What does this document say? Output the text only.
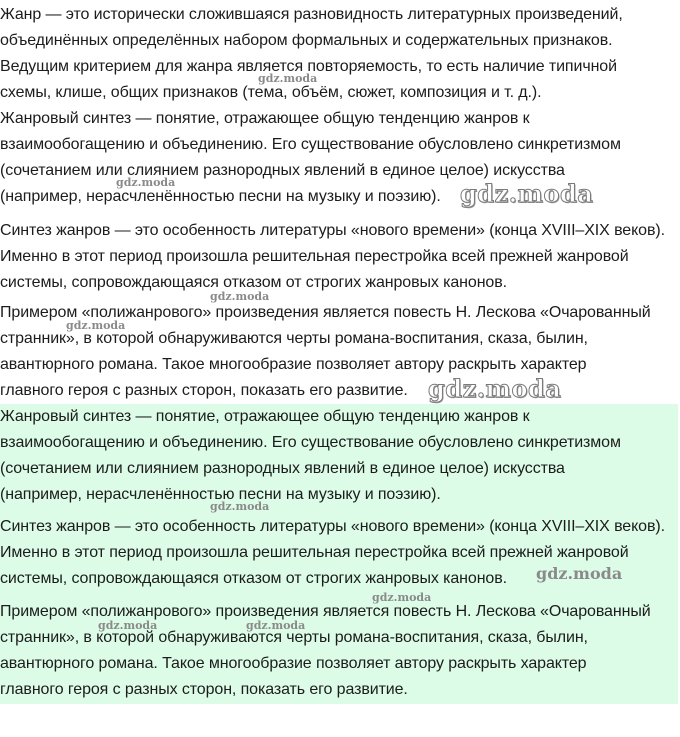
Жанр — это исторически сложившаяся разновидность литературных произведений,
объединённых определённых набором формальных и содержательных признаков.
Ведущим критерием для жанра является повторяемость, то есть наличие типичной
схемы, клише, общих признаков (тема, объём, сюжет, композиция и т. д.).
Жанровый синтез — понятие, отражающее общую тенденцию жанров к
взаимообогащению и объединению. Его существование обусловлено синкретизмом
(сочетанием или слиянием разнородных явлений в единое целое) искусства
(например, нерасчленённостью песни на музыку и поэзию).
Синтез жанров — это особенность литературы «нового времени» (конца XVIII–XIX веков).
Именно в этот период произошла решительная перестройка всей прежней жанровой
системы, сопровождающаяся отказом от строгих жанровых канонов.
Примером «полижанрового» произведения является повесть Н. Лескова «Очарованный
странник», в которой обнаруживаются черты романа-воспитания, сказа, былин,
авантюрного романа. Такое многообразие позволяет автору раскрыть характер
главного героя с разных сторон, показать его развитие.
Жанровый синтез — понятие, отражающее общую тенденцию жанров к
взаимообогащению и объединению. Его существование обусловлено синкретизмом
(сочетанием или слиянием разнородных явлений в единое целое) искусства
(например, нерасчленённостью песни на музыку и поэзию).
Синтез жанров — это особенность литературы «нового времени» (конца XVIII–XIX веков).
Именно в этот период произошла решительная перестройка всей прежней жанровой
системы, сопровождающаяся отказом от строгих жанровых канонов.
Примером «полижанрового» произведения является повесть Н. Лескова «Очарованный
странник», в которой обнаруживаются черты романа-воспитания, сказа, былин,
авантюрного романа. Такое многообразие позволяет автору раскрыть характер
главного героя с разных сторон, показать его развитие.
gdz.moda
gdz.moda	gdz.moda
gdz.moda
gdz.moda
gdz.moda
gdz.moda
gdz.moda
gdz.moda
gdz.moda	gdz.moda
